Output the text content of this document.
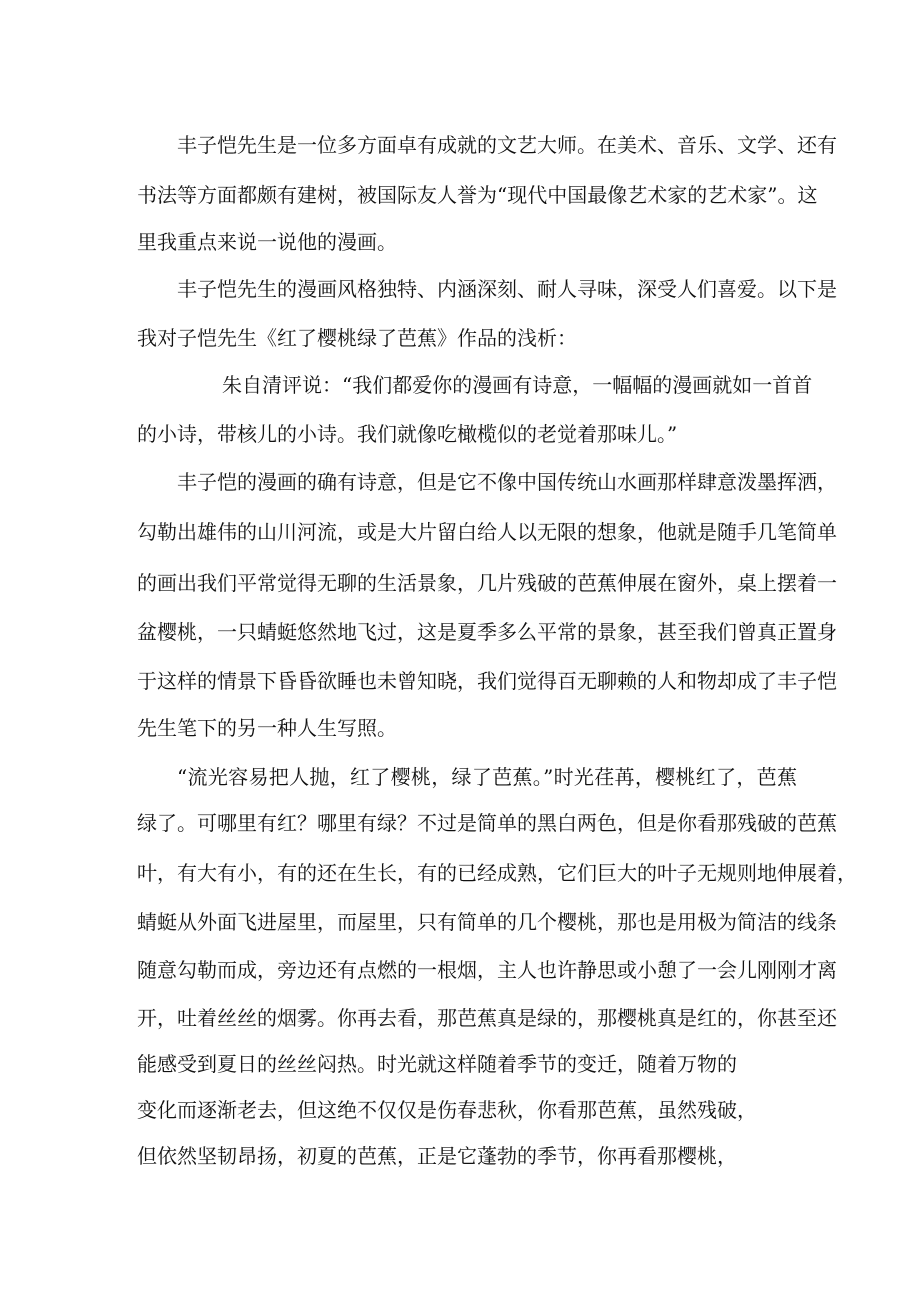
丰子恺先生是一位多方面卓有成就的文艺大师。在美术、音乐、文学、还有
书法等方面都颇有建树，被国际友人誉为“现代中国最像艺术家的艺术家”。这
里我重点来说一说他的漫画。
丰子恺先生的漫画风格独特、内涵深刻、耐人寻味，深受人们喜爱。以下是
我对子恺先生《红了樱桃绿了芭蕉》作品的浅析：
朱自清评说：“我们都爱你的漫画有诗意，一幅幅的漫画就如一首首
的小诗，带核儿的小诗。我们就像吃橄榄似的老觉着那味儿。”
丰子恺的漫画的确有诗意，但是它不像中国传统山水画那样肆意泼墨挥洒，
勾勒出雄伟的山川河流，或是大片留白给人以无限的想象，他就是随手几笔简单
的画出我们平常觉得无聊的生活景象，几片残破的芭蕉伸展在窗外，桌上摆着一
盆樱桃，一只蜻蜓悠然地飞过，这是夏季多么平常的景象，甚至我们曾真正置身
于这样的情景下昏昏欲睡也未曾知晓，我们觉得百无聊赖的人和物却成了丰子恺
先生笔下的另一种人生写照。
“流光容易把人抛，红了樱桃，绿了芭蕉。”时光荏苒，樱桃红了，芭蕉
绿了。可哪里有红？哪里有绿？不过是简单的黑白两色，但是你看那残破的芭蕉
叶，有大有小，有的还在生长，有的已经成熟，它们巨大的叶子无规则地伸展着，
蜻蜓从外面飞进屋里，而屋里，只有简单的几个樱桃，那也是用极为简洁的线条
随意勾勒而成，旁边还有点燃的一根烟，主人也许静思或小憩了一会儿刚刚才离
开，吐着丝丝的烟雾。你再去看，那芭蕉真是绿的，那樱桃真是红的，你甚至还
能感受到夏日的丝丝闷热。时光就这样随着季节的变迁，随着万物的
变化而逐渐老去，但这绝不仅仅是伤春悲秋，你看那芭蕉，虽然残破，
但依然坚韧昂扬，初夏的芭蕉，正是它蓬勃的季节，你再看那樱桃，
